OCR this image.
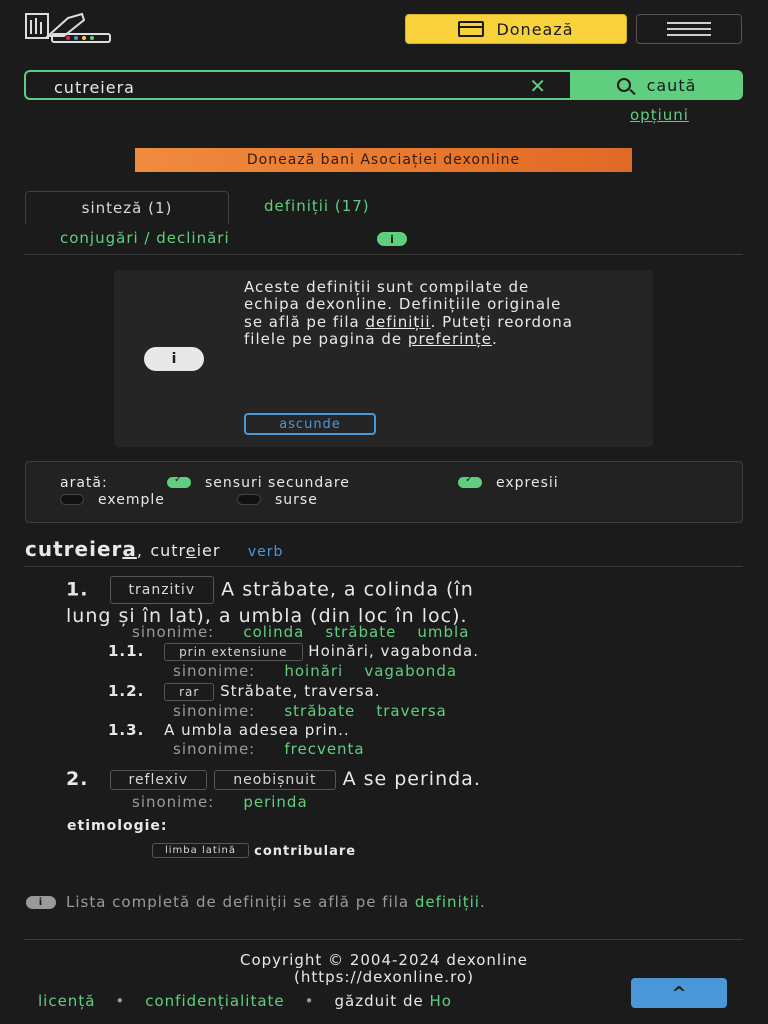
Donează
cutreiera
✕	caută
opțiuni
Donează bani Asociației dexonline
sinteză (1)	definiții (17)
conjugări / declinări	i
i
Aceste definiții sunt compilate de echipa dexonline. Definițiile originale se află pe fila definiții. Puteți reordona filele pe pagina de preferințe.
ascunde
arată: ✓	sensuri secundare ✓	expresii
exemple	surse
cutreiera, cutreier verb
1.	tranzitiv A străbate, a colinda (în
lung și în lat), a umbla (din loc în loc).
sinonime: colinda străbate umbla
1.1.	prin extensiune Hoinări, vagabonda.
sinonime: hoinări vagabonda
1.2.	rar Străbate, traversa.
sinonime: străbate traversa
1.3. A umbla adesea prin..
sinonime: frecventa
2.	reflexiv	neobișnuit A se perinda.
sinonime: perinda
etimologie:
limba latină contribulare
i	Lista completă de definiții se află pe fila definiții.
Copyright © 2004-2024 dexonline
(https://dexonline.ro)
licență • confidențialitate • găzduit de Ho	^
